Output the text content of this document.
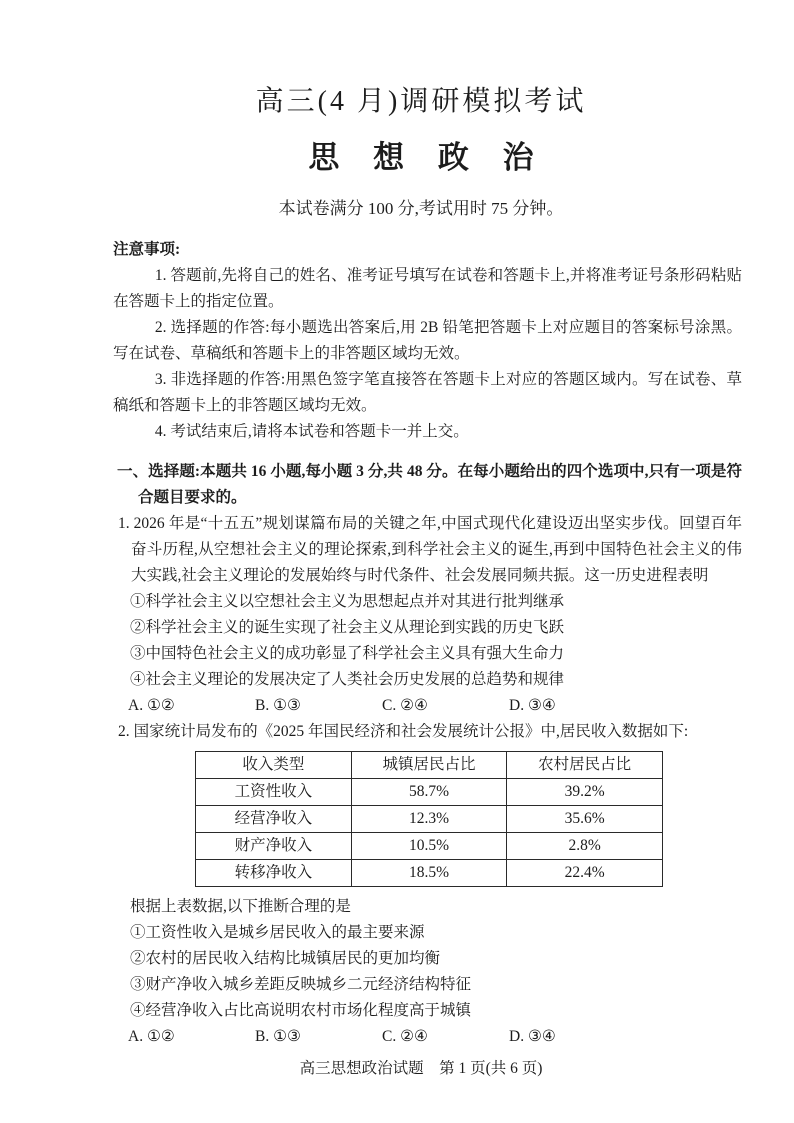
高三(4 月)调研模拟考试
思 想 政 治

本试卷满分 100 分,考试用时 75 分钟。

注意事项:

1. 答题前,先将自己的姓名、准考证号填写在试卷和答题卡上,并将准考证号条形码粘贴在答题卡上的指定位置。

2. 选择题的作答:每小题选出答案后,用 2B 铅笔把答题卡上对应题目的答案标号涂黑。写在试卷、草稿纸和答题卡上的非答题区域均无效。

3. 非选择题的作答:用黑色签字笔直接答在答题卡上对应的答题区域内。写在试卷、草稿纸和答题卡上的非答题区域均无效。

4. 考试结束后,请将本试卷和答题卡一并上交。

一、选择题:本题共 16 小题,每小题 3 分,共 48 分。在每小题给出的四个选项中,只有一项是符合题目要求的。

1. 2026 年是“十五五”规划谋篇布局的关键之年,中国式现代化建设迈出坚实步伐。回望百年奋斗历程,从空想社会主义的理论探索,到科学社会主义的诞生,再到中国特色社会主义的伟大实践,社会主义理论的发展始终与时代条件、社会发展同频共振。这一历史进程表明

①科学社会主义以空想社会主义为思想起点并对其进行批判继承

②科学社会主义的诞生实现了社会主义从理论到实践的历史飞跃

③中国特色社会主义的成功彰显了科学社会主义具有强大生命力

④社会主义理论的发展决定了人类社会历史发展的总趋势和规律

A. ①②	B. ①③	C. ②④	D. ③④

2. 国家统计局发布的《2025 年国民经济和社会发展统计公报》中,居民收入数据如下:

收入类型	城镇居民占比	农村居民占比
工资性收入	58.7%	39.2%
经营净收入	12.3%	35.6%
财产净收入	10.5%	2.8%
转移净收入	18.5%	22.4%

根据上表数据,以下推断合理的是

①工资性收入是城乡居民收入的最主要来源

②农村的居民收入结构比城镇居民的更加均衡

③财产净收入城乡差距反映城乡二元经济结构特征

④经营净收入占比高说明农村市场化程度高于城镇

A. ①②	B. ①③	C. ②④	D. ③④

高三思想政治试题　第 1 页(共 6 页)
